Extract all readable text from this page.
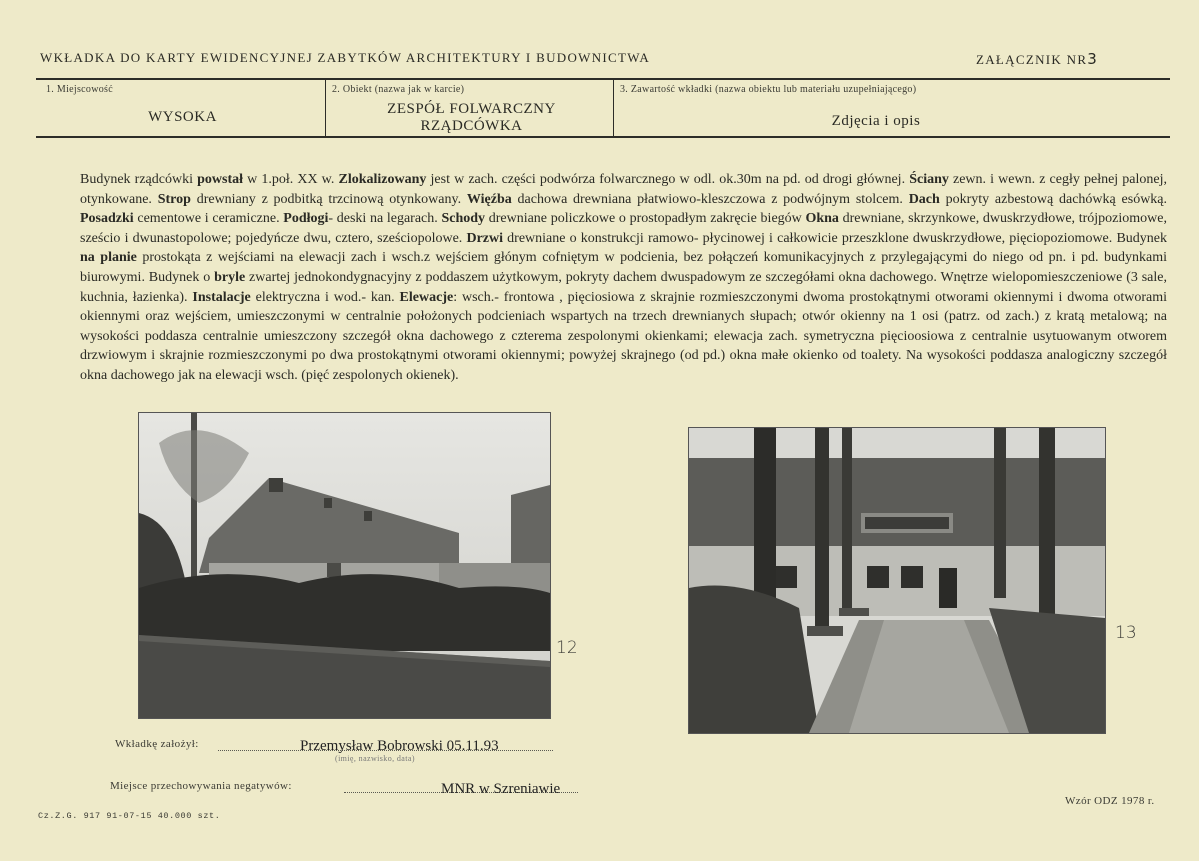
WKŁADKA DO KARTY EWIDENCYJNEJ ZABYTKÓW ARCHITEKTURY I BUDOWNICTWA	ZAŁĄCZNIK NR3
1. Miejscowość
WYSOKA
2. Obiekt (nazwa jak w karcie)
ZESPÓŁ FOLWARCZNY
RZĄDCÓWKA
3. Zawartość wkładki (nazwa obiektu lub materiału uzupełniającego)
Zdjęcia i opis

Budynek rządcówki powstał w 1.poł. XX w. Zlokalizowany jest w zach. części podwórza folwarcznego w odl. ok.30m na pd. od drogi głównej. Ściany zewn. i wewn. z cegły pełnej palonej, otynkowane. Strop drewniany z podbitką trzcinową otynkowany. Więźba dachowa drewniana płatwiowo-kleszczowa z podwójnym stolcem. Dach pokryty azbestową dachówką esówką. Posadzki cementowe i ceramiczne. Podłogi- deski na legarach. Schody drewniane policzkowe o prostopadłym zakręcie biegów Okna drewniane, skrzynkowe, dwuskrzydłowe, trójpoziomowe, sześcio i dwunastopolowe; pojedyńcze dwu, cztero, sześciopolowe. Drzwi drewniane o konstrukcji ramowo- płycinowej i całkowicie przeszklone dwuskrzydłowe, pięciopoziomowe. Budynek na planie prostokąta z wejściami na elewacji zach i wsch.z wejściem głónym cofniętym w podcienia, bez połączeń komunikacyjnych z przylegającymi do niego od pn. i pd. budynkami biurowymi. Budynek o bryle zwartej jednokondygnacyjny z poddaszem użytkowym, pokryty dachem dwuspadowym ze szczegółami okna dachowego. Wnętrze wielopomieszczeniowe (3 sale, kuchnia, łazienka). Instalacje elektryczna i wod.- kan. Elewacje: wsch.- frontowa , pięciosiowa z skrajnie rozmieszczonymi dwoma prostokątnymi otworami okiennymi i dwoma otworami okiennymi oraz wejściem, umieszczonymi w centralnie położonych podcieniach wspartych na trzech drewnianych słupach; otwór okienny na 1 osi (patrz. od zach.) z kratą metalową; na wysokości poddasza centralnie umieszczony szczegół okna dachowego z czterema zespolonymi okienkami; elewacja zach. symetryczna pięcioosiowa z centralnie usytuowanym otworem drzwiowym i skrajnie rozmieszczonymi po dwa prostokątnymi otworami okiennymi; powyżej skrajnego (od pd.) okna małe okienko od toalety. Na wysokości poddasza analogiczny szczegół okna dachowego jak na elewacji wsch. (pięć zespolonych okienek).

12
13
Wkładkę założył:	Przemysław Bobrowski 05.11.93
(imię, nazwisko, data)
Miejsce przechowywania negatywów:	MNR w Szreniawie
Cz.Z.G. 917 91-07-15 40.000 szt.
Wzór ODZ 1978 r.
